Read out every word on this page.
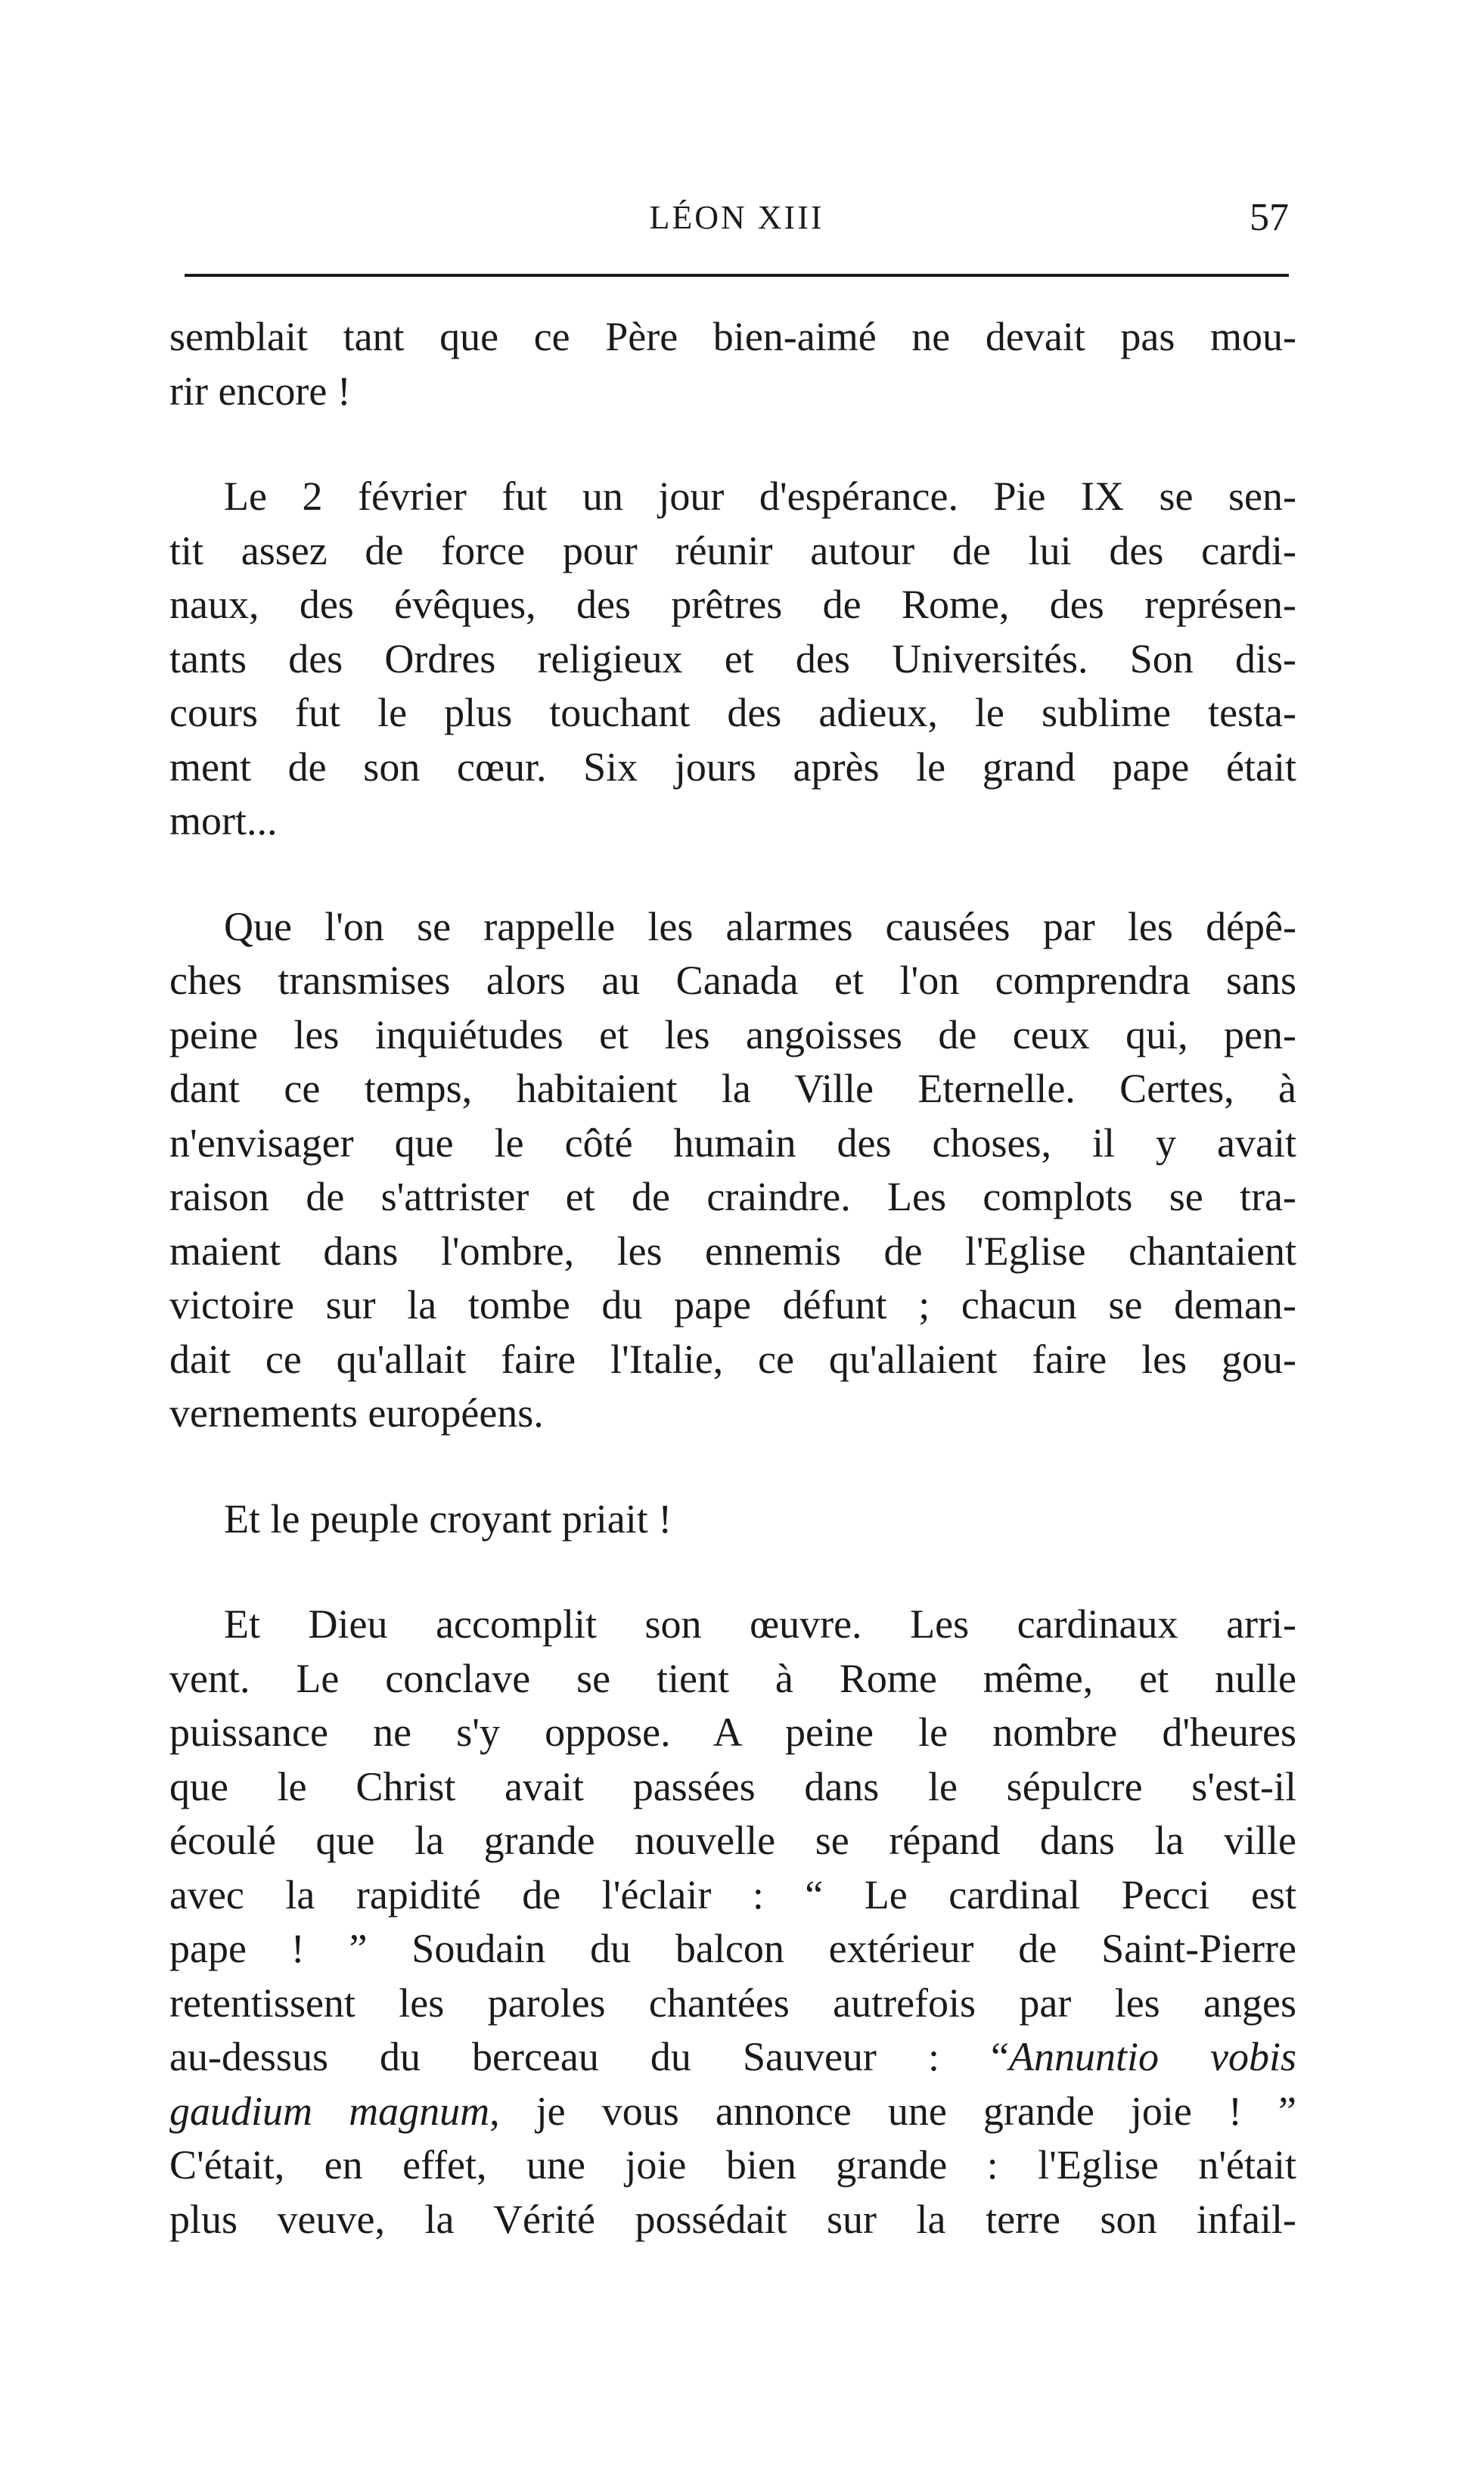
LÉON XIII	57

semblait tant que ce Père bien-aimé ne devait pas mou-
rir encore !

Le 2 février fut un jour d'espérance. Pie IX se sen-
tit assez de force pour réunir autour de lui des cardi-
naux, des évêques, des prêtres de Rome, des représen-
tants des Ordres religieux et des Universités. Son dis-
cours fut le plus touchant des adieux, le sublime testa-
ment de son cœur. Six jours après le grand pape était
mort...

Que l'on se rappelle les alarmes causées par les dépê-
ches transmises alors au Canada et l'on comprendra sans
peine les inquiétudes et les angoisses de ceux qui, pen-
dant ce temps, habitaient la Ville Eternelle. Certes, à
n'envisager que le côté humain des choses, il y avait
raison de s'attrister et de craindre. Les complots se tra-
maient dans l'ombre, les ennemis de l'Eglise chantaient
victoire sur la tombe du pape défunt ; chacun se deman-
dait ce qu'allait faire l'Italie, ce qu'allaient faire les gou-
vernements européens.

Et le peuple croyant priait !

Et Dieu accomplit son œuvre. Les cardinaux arri-
vent. Le conclave se tient à Rome même, et nulle
puissance ne s'y oppose. A peine le nombre d'heures
que le Christ avait passées dans le sépulcre s'est-il
écoulé que la grande nouvelle se répand dans la ville
avec la rapidité de l'éclair : “ Le cardinal Pecci est
pape ! ” Soudain du balcon extérieur de Saint-Pierre
retentissent les paroles chantées autrefois par les anges
au-dessus du berceau du Sauveur : “Annuntio vobis
gaudium magnum, je vous annonce une grande joie ! ”
C'était, en effet, une joie bien grande : l'Eglise n'était
plus veuve, la Vérité possédait sur la terre son infail-
